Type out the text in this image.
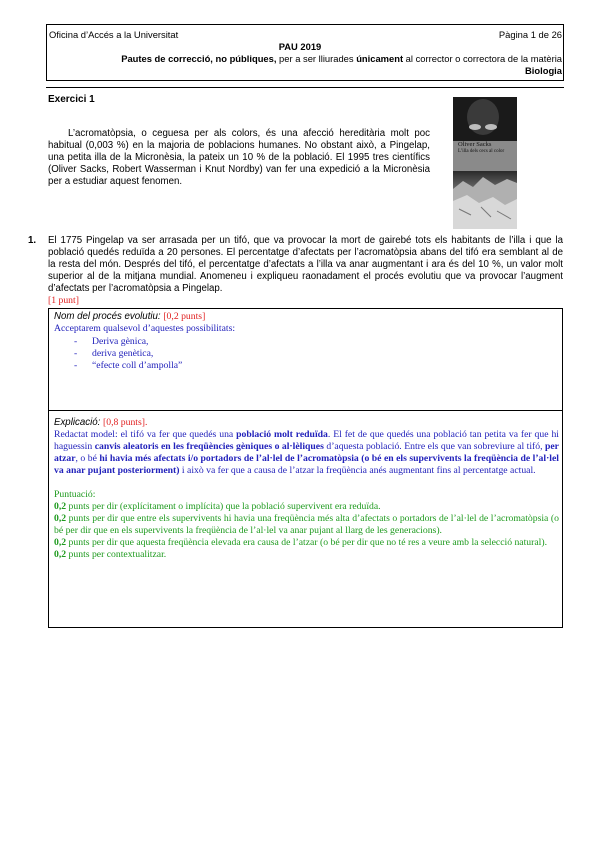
Oficina d’Accés a la Universitat	Pàgina 1 de 26
PAU 2019
Pautes de correcció, no públiques, per a ser lliurades únicament al corrector o correctora de la matèria
Biologia
Exercici 1
L’acromatòpsia, o ceguesa per als colors, és una afecció hereditària molt poc habitual (0,003 %) en la majoria de poblacions humanes. No obstant això, a Pingelap, una petita illa de la Micronèsia, la pateix un 10 % de la població. El 1995 tres científics (Oliver Sacks, Robert Wasserman i Knut Nordby) van fer una expedició a la Micronèsia per a estudiar aquest fenomen.
Oliver Sacks
L’illa dels cecs al color
1. El 1775 Pingelap va ser arrasada per un tifó, que va provocar la mort de gairebé tots els habitants de l’illa i que la població quedés reduïda a 20 persones. El percentatge d’afectats per l’acromatòpsia abans del tifó era semblant al de la resta del món. Després del tifó, el percentatge d’afectats a l’illa va anar augmentant i ara és del 10 %, un valor molt superior al de la mitjana mundial. Anomeneu i expliqueu raonadament el procés evolutiu que va provocar l’augment d’afectats per l’acromatòpsia a Pingelap.
[1 punt]
Nom del procés evolutiu: [0,2 punts]
Acceptarem qualsevol d’aquestes possibilitats:
- Deriva gènica,
- deriva genètica,
- “efecte coll d’ampolla”
Explicació: [0,8 punts].
Redactat model: el tifó va fer que quedés una població molt reduïda. El fet de que quedés una població tan petita va fer que hi haguessin canvis aleatoris en les freqüències gèniques o al·lèliques d’aquesta població. Entre els que van sobreviure al tifó, per atzar, o bé hi havia més afectats i/o portadors de l’al·lel de l’acromatòpsia (o bé en els supervivents la freqüència de l’al·lel va anar pujant posteriorment) i això va fer que a causa de l’atzar la freqüència anés augmentant fins al percentatge actual.
Puntuació:
0,2 punts per dir (explícitament o implícita) que la població supervivent era reduïda.
0,2 punts per dir que entre els supervivents hi havia una freqüència més alta d’afectats o portadors de l’al·lel de l’acromatòpsia (o bé per dir que en els supervivents la freqüència de l’al·lel va anar pujant al llarg de les generacions).
0,2 punts per dir que aquesta freqüència elevada era causa de l’atzar (o bé per dir que no té res a veure amb la selecció natural).
0,2 punts per contextualitzar.
